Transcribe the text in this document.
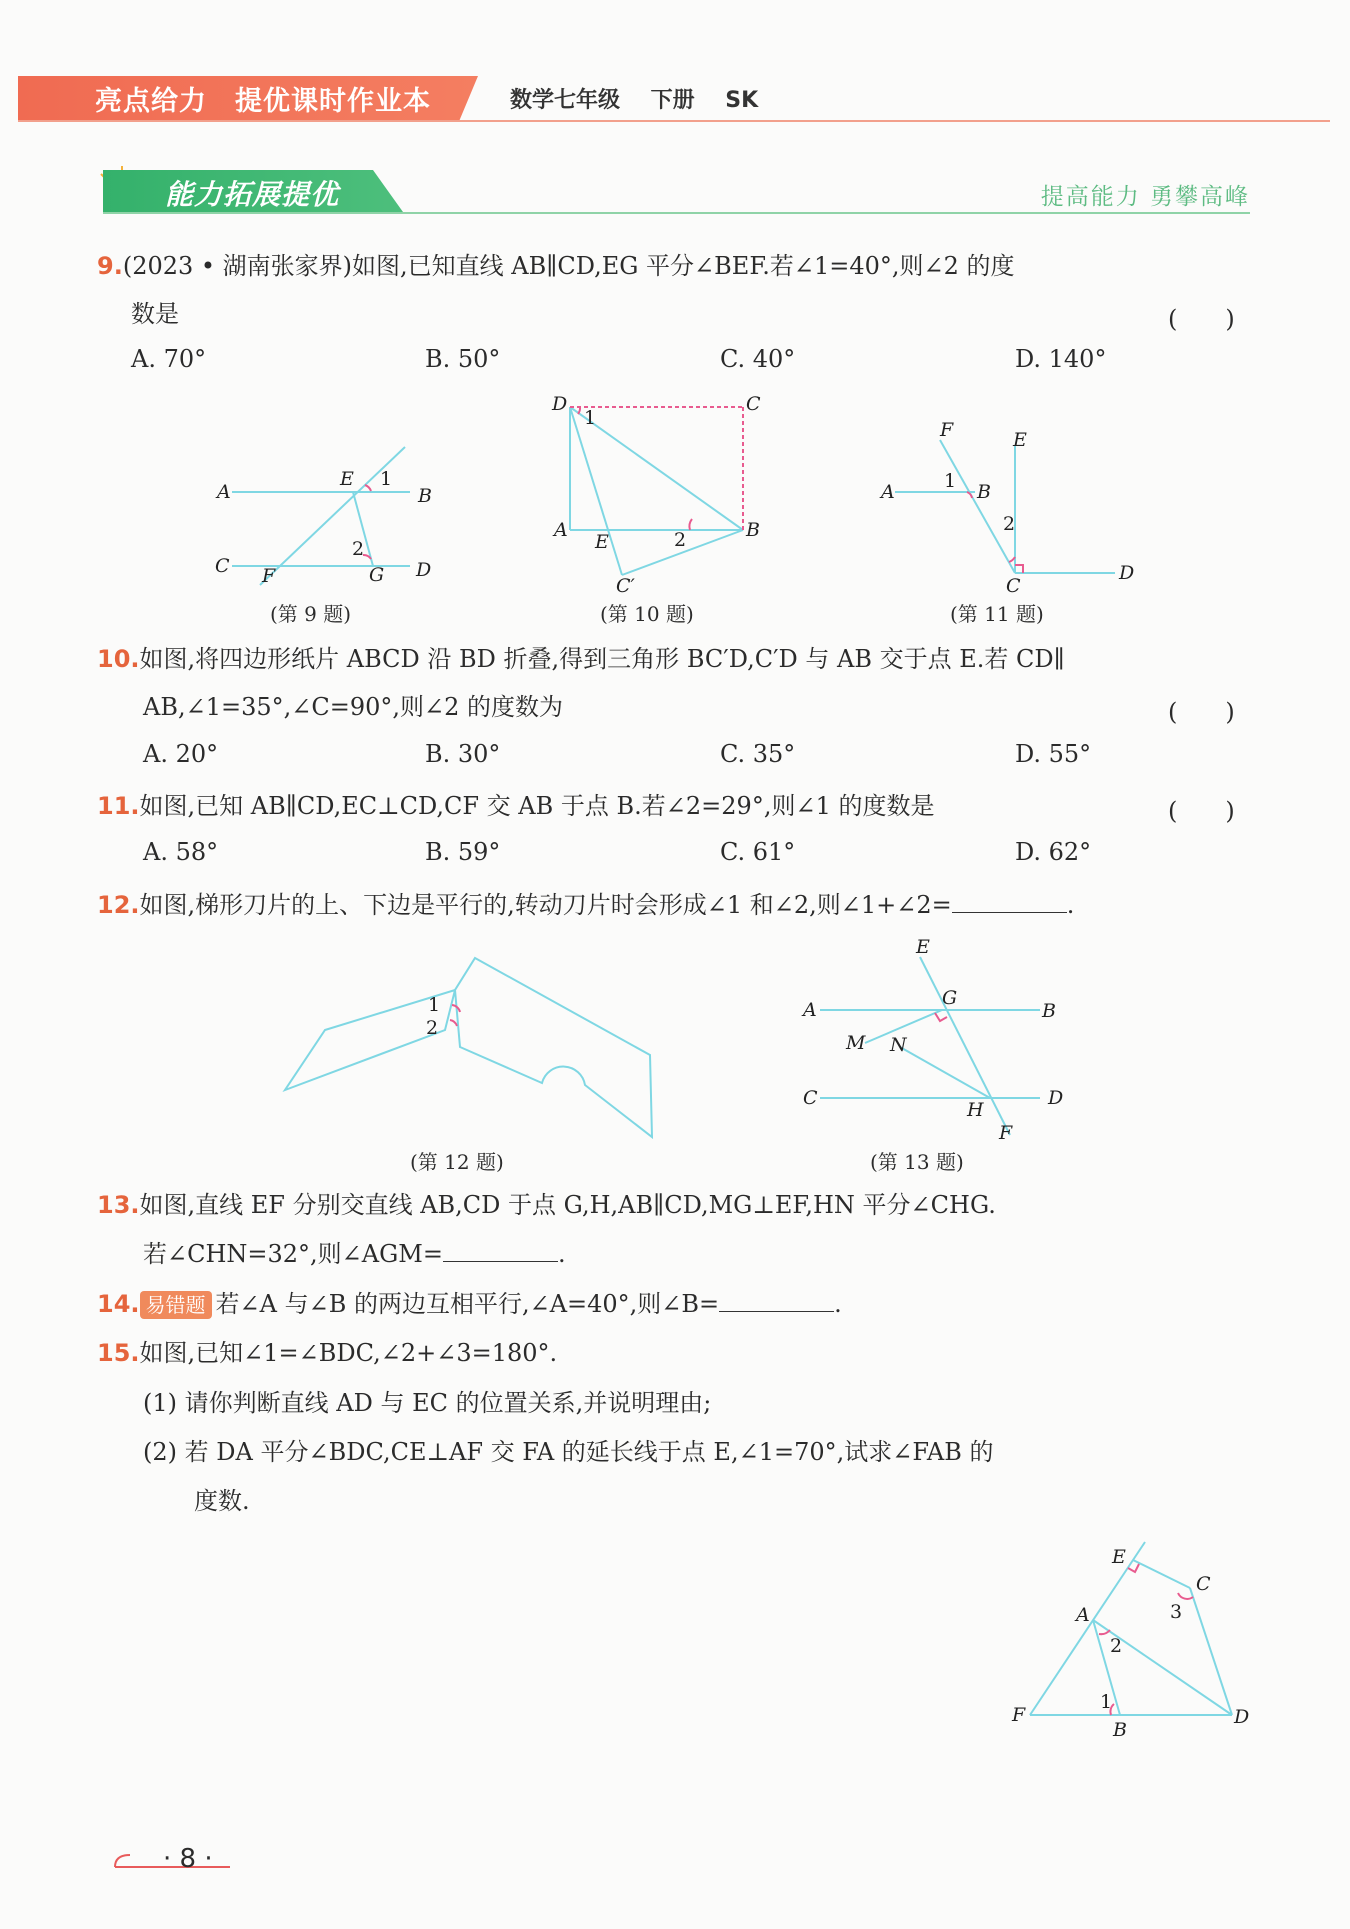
亮点给力　提优课时作业本	数学七年级    下册    SK
能力拓展提优	提高能力 勇攀高峰
9.(2023 • 湖南张家界)如图,已知直线 AB∥CD,EG 平分∠BEF.若∠1=40°,则∠2 的度
数是	(　　)
A. 70°	B. 50°	C. 40°	D. 140°
A
E 1
B
C F
2
G D
(第 9 题)
D
1
C
A
E	2	B
C′
(第 10 题)
F	E
A	1 B
2
C
D
(第 11 题)
10.如图,将四边形纸片 ABCD 沿 BD 折叠,得到三角形 BC′D,C′D 与 AB 交于点 E.若 CD∥
AB,∠1=35°,∠C=90°,则∠2 的度数为	(　　)
A. 20°	B. 30°	C. 35°	D. 55°
11.如图,已知 AB∥CD,EC⊥CD,CF 交 AB 于点 B.若∠2=29°,则∠1 的度数是	(　　)
A. 58°	B. 59°	C. 61°	D. 62°
12.如图,梯形刀片的上、下边是平行的,转动刀片时会形成∠1 和∠2,则∠1+∠2=	.
1
2
(第 12 题)
E
G
A	B
M N
C
H
D
F
(第 13 题)
13.如图,直线 EF 分别交直线 AB,CD 于点 G,H,AB∥CD,MG⊥EF,HN 平分∠CHG.
若∠CHN=32°,则∠AGM=	.
14. 易错题 若∠A 与∠B 的两边互相平行,∠A=40°,则∠B=	.
15.如图,已知∠1=∠BDC,∠2+∠3=180°.
(1) 请你判断直线 AD 与 EC 的位置关系,并说明理由;
(2) 若 DA 平分∠BDC,CE⊥AF 交 FA 的延长线于点 E,∠1=70°,试求∠FAB 的
度数.
E
C
A	3
2
F
1
B
D
· 8 ·
